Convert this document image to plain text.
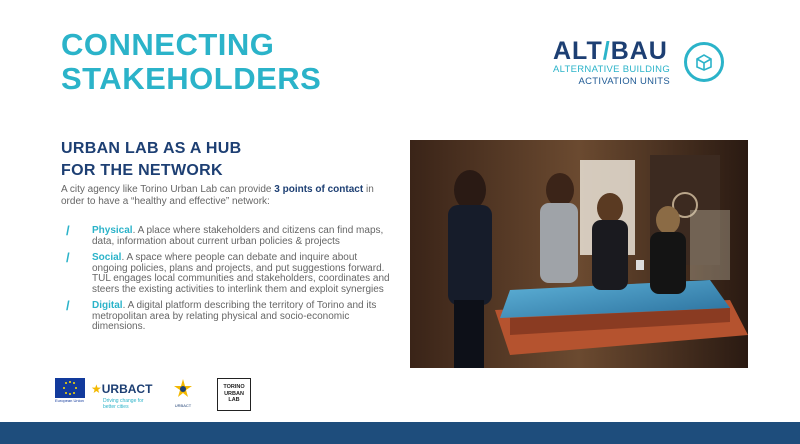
CONNECTING
STAKEHOLDERS
ALT/BAU
ALTERNATIVE BUILDING
ACTIVATION UNITS
URBAN LAB AS A HUB
FOR THE NETWORK
A city agency like Torino Urban Lab can provide 3 points of contact in order to have a “healthy and effective” network:
/ Physical. A place where stakeholders and citizens can find maps, data, information about current urban policies & projects
/ Social. A space where people can debate and inquire about ongoing policies, plans and projects, and put suggestions forward. TUL engages local communities and stakeholders, coordinates and steers the existing activities to interlink them and exploit synergies
/ Digital. A digital platform describing the territory of Torino and its metropolitan area by relating physical and socio-economic dimensions.
European Union
★URBACT
Driving change for
better cities	URBACT
TORINO
URBAN
LAB
